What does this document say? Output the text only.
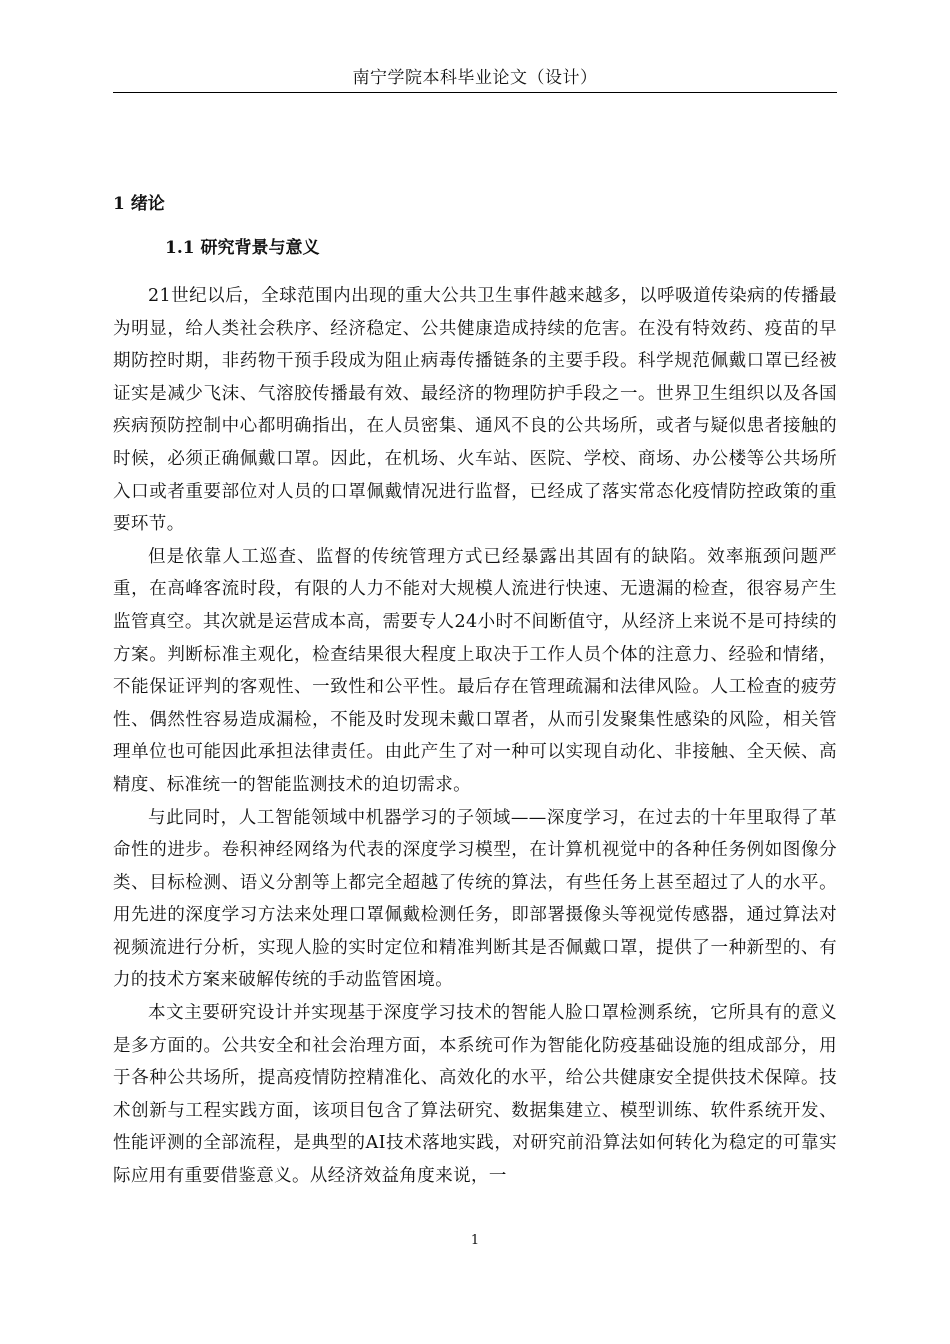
南宁学院本科毕业论文（设计）
1 绪论
1.1 研究背景与意义

21世纪以后，全球范围内出现的重大公共卫生事件越来越多，以呼吸道传染病的传播最为明显，给人类社会秩序、经济稳定、公共健康造成持续的危害。在没有特效药、疫苗的早期防控时期，非药物干预手段成为阻止病毒传播链条的主要手段。科学规范佩戴口罩已经被证实是减少飞沫、气溶胶传播最有效、最经济的物理防护手段之一。世界卫生组织以及各国疾病预防控制中心都明确指出，在人员密集、通风不良的公共场所，或者与疑似患者接触的时候，必须正确佩戴口罩。因此，在机场、火车站、医院、学校、商场、办公楼等公共场所入口或者重要部位对人员的口罩佩戴情况进行监督，已经成了落实常态化疫情防控政策的重要环节。

但是依靠人工巡查、监督的传统管理方式已经暴露出其固有的缺陷。效率瓶颈问题严重，在高峰客流时段，有限的人力不能对大规模人流进行快速、无遗漏的检查，很容易产生监管真空。其次就是运营成本高，需要专人24小时不间断值守，从经济上来说不是可持续的方案。判断标准主观化，检查结果很大程度上取决于工作人员个体的注意力、经验和情绪，不能保证评判的客观性、一致性和公平性。最后存在管理疏漏和法律风险。人工检查的疲劳性、偶然性容易造成漏检，不能及时发现未戴口罩者，从而引发聚集性感染的风险，相关管理单位也可能因此承担法律责任。由此产生了对一种可以实现自动化、非接触、全天候、高精度、标准统一的智能监测技术的迫切需求。

与此同时，人工智能领域中机器学习的子领域——深度学习，在过去的十年里取得了革命性的进步。卷积神经网络为代表的深度学习模型，在计算机视觉中的各种任务例如图像分类、目标检测、语义分割等上都完全超越了传统的算法，有些任务上甚至超过了人的水平。用先进的深度学习方法来处理口罩佩戴检测任务，即部署摄像头等视觉传感器，通过算法对视频流进行分析，实现人脸的实时定位和精准判断其是否佩戴口罩，提供了一种新型的、有力的技术方案来破解传统的手动监管困境。

本文主要研究设计并实现基于深度学习技术的智能人脸口罩检测系统，它所具有的意义是多方面的。公共安全和社会治理方面，本系统可作为智能化防疫基础设施的组成部分，用于各种公共场所，提高疫情防控精准化、高效化的水平，给公共健康安全提供技术保障。技术创新与工程实践方面，该项目包含了算法研究、数据集建立、模型训练、软件系统开发、性能评测的全部流程，是典型的AI技术落地实践，对研究前沿算法如何转化为稳定的可靠实际应用有重要借鉴意义。从经济效益角度来说，一

1
